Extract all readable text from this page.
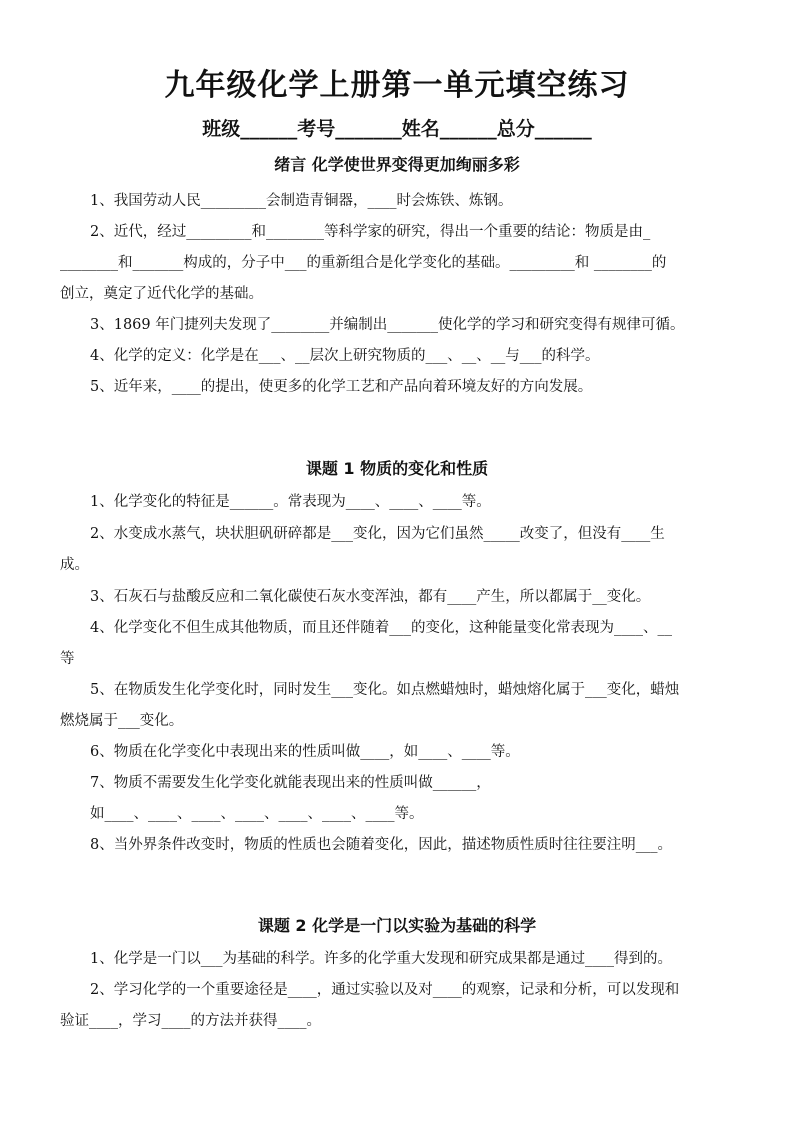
九年级化学上册第一单元填空练习
班级______考号_______姓名______总分______
绪言 化学使世界变得更加绚丽多彩
1、我国劳动人民_________会制造青铜器，____时会炼铁、炼钢。
2、近代，经过_________和________等科学家的研究，得出一个重要的结论：物质是由_
________和_______构成的，分子中___的重新组合是化学变化的基础。_________和 ________的
创立，奠定了近代化学的基础。
3、1869 年门捷列夫发现了________并编制出_______使化学的学习和研究变得有规律可循。
4、化学的定义：化学是在___、__层次上研究物质的___、__、__与___的科学。
5、近年来，____的提出，使更多的化学工艺和产品向着环境友好的方向发展。
课题 1 物质的变化和性质
1、化学变化的特征是______。常表现为____、____、____等。
2、水变成水蒸气，块状胆矾研碎都是___变化，因为它们虽然_____改变了，但没有____生
成。
3、石灰石与盐酸反应和二氧化碳使石灰水变浑浊，都有____产生，所以都属于__变化。
4、化学变化不但生成其他物质，而且还伴随着___的变化，这种能量变化常表现为____、__
等
5、在物质发生化学变化时，同时发生___变化。如点燃蜡烛时，蜡烛熔化属于___变化，蜡烛
燃烧属于___变化。
6、物质在化学变化中表现出来的性质叫做____，如____、____等。
7、物质不需要发生化学变化就能表现出来的性质叫做______，
如____、____、____、____、____、____、____等。
8、当外界条件改变时，物质的性质也会随着变化，因此，描述物质性质时往往要注明___。
课题 2 化学是一门以实验为基础的科学
1、化学是一门以___为基础的科学。许多的化学重大发现和研究成果都是通过____得到的。
2、学习化学的一个重要途径是____，通过实验以及对____的观察，记录和分析，可以发现和
验证____，学习____的方法并获得____。
